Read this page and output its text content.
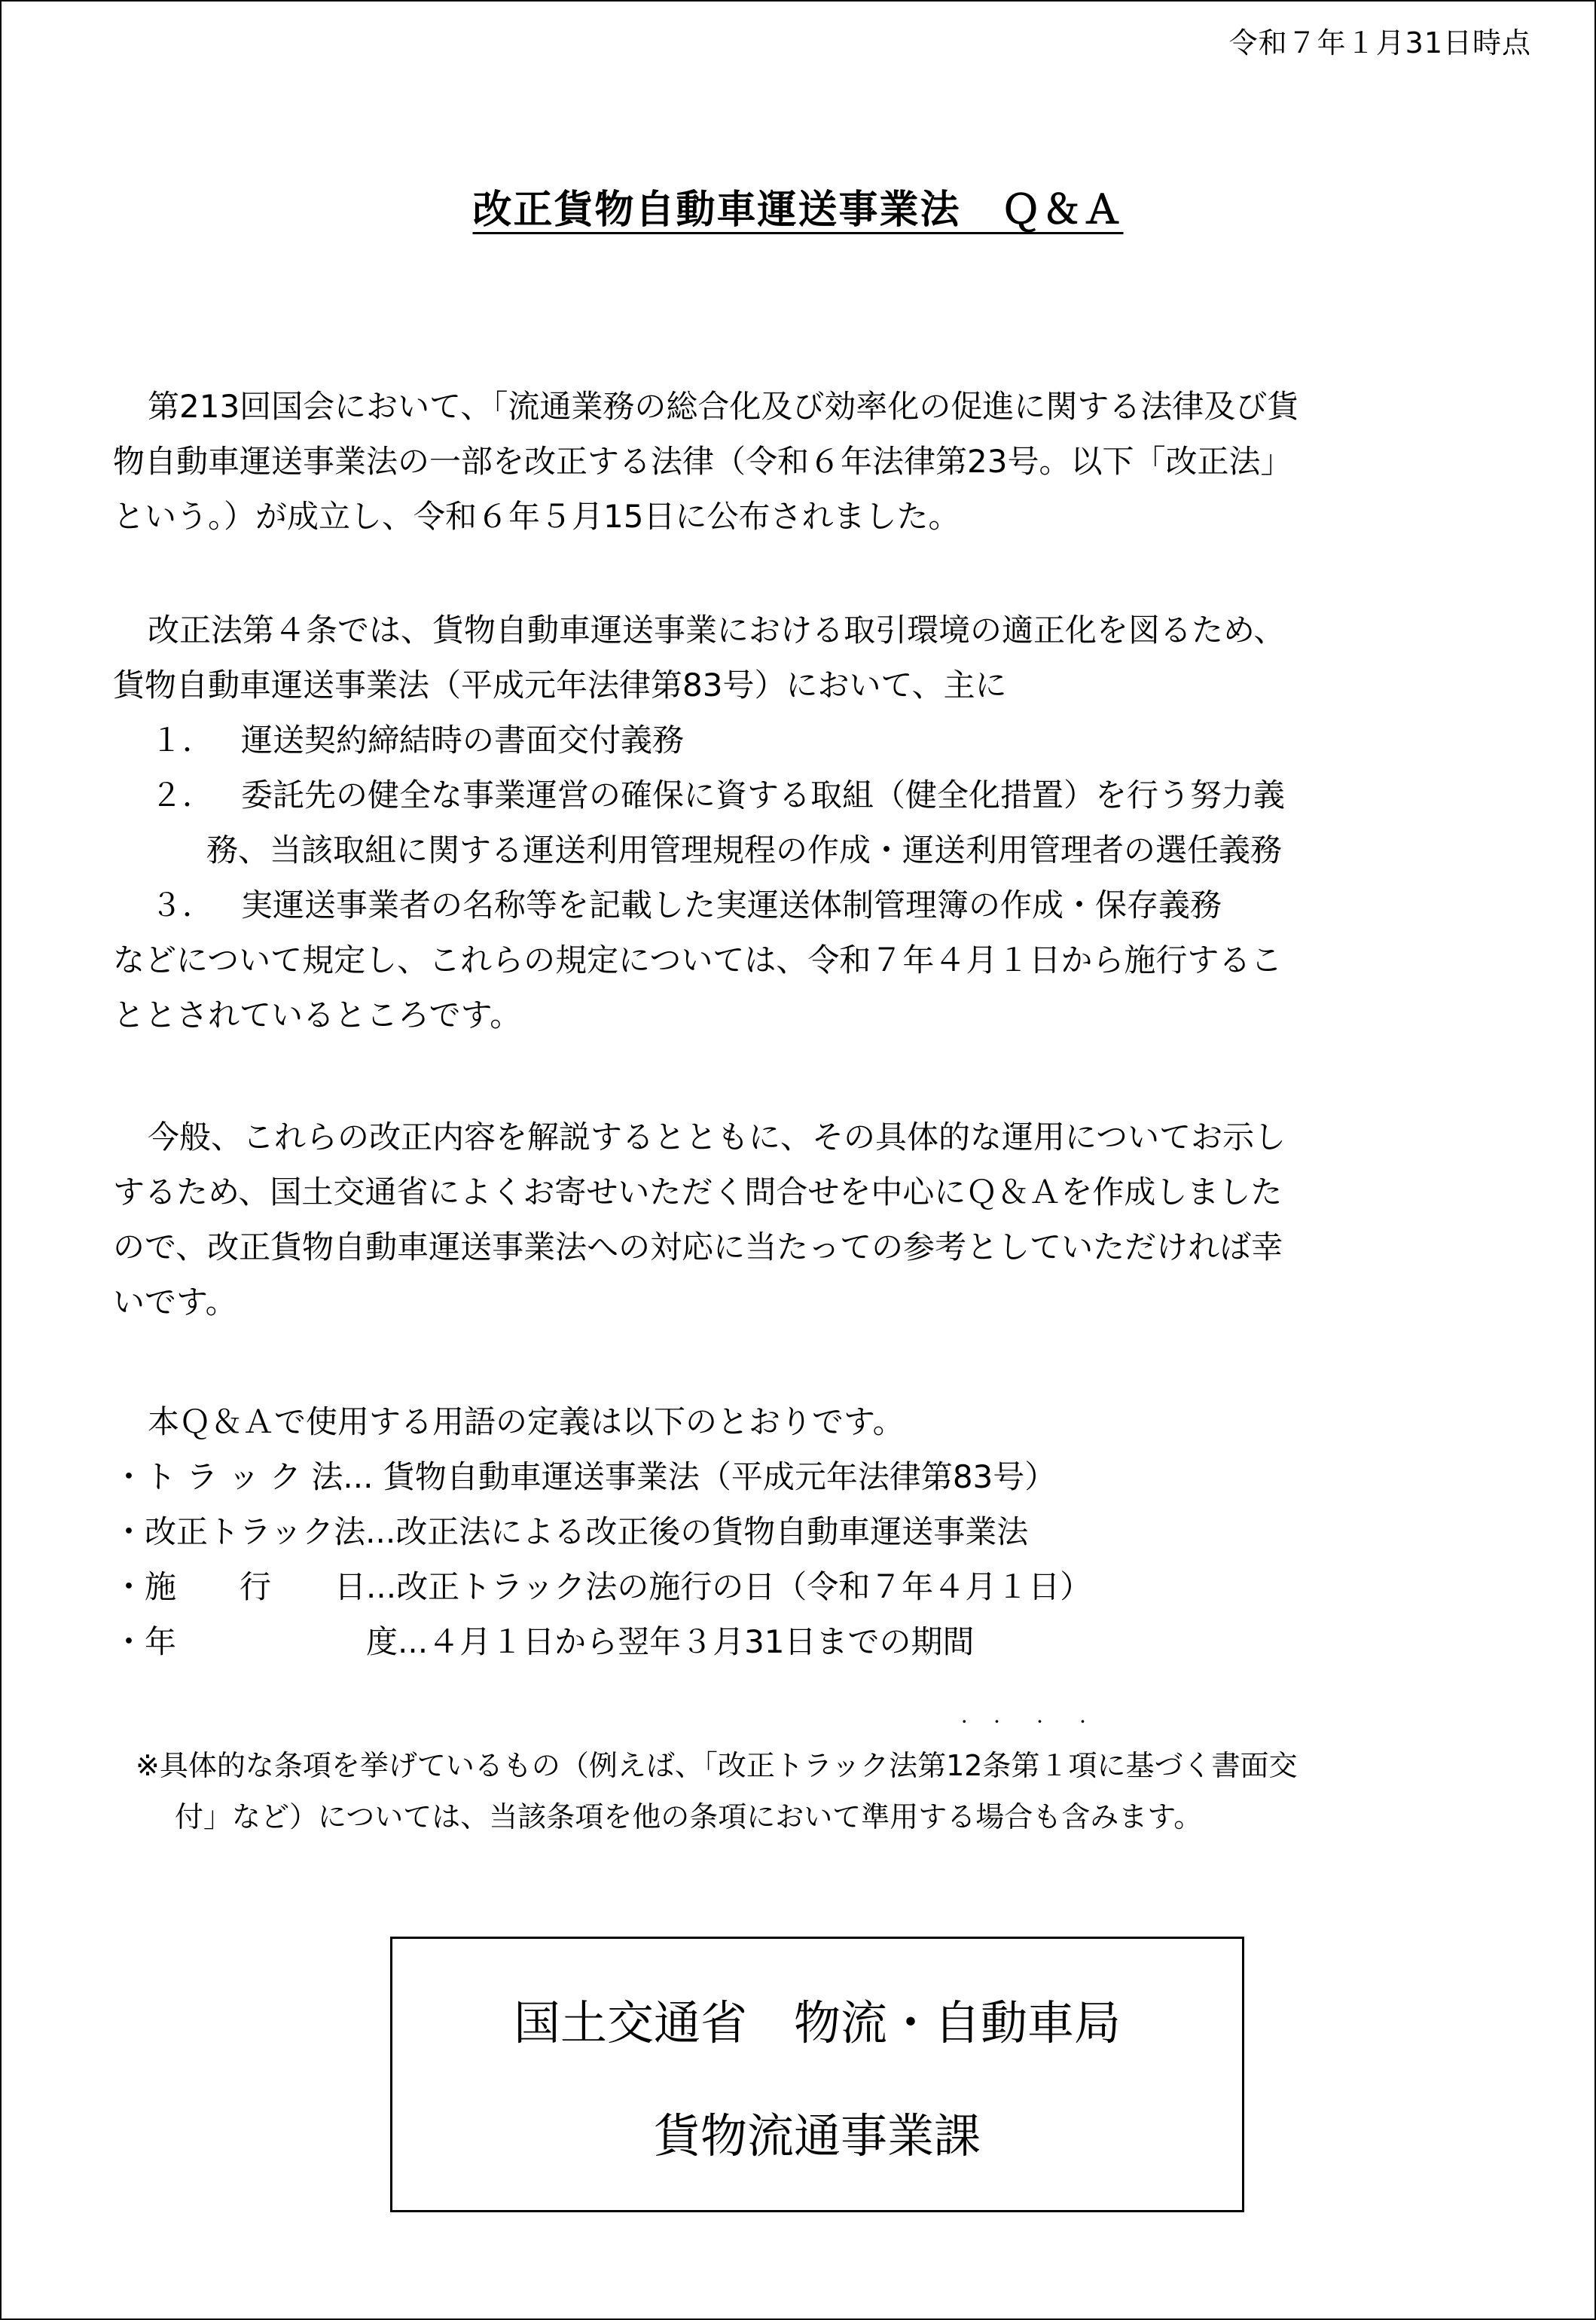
令和７年１月31日時点
改正貨物自動車運送事業法　Ｑ＆Ａ
第213回国会において、「流通業務の総合化及び効率化の促進に関する法律及び貨
物自動車運送事業法の一部を改正する法律（令和６年法律第23号。以下「改正法」
という。）が成立し、令和６年５月15日に公布されました。
改正法第４条では、貨物自動車運送事業における取引環境の適正化を図るため、
貨物自動車運送事業法（平成元年法律第83号）において、主に
１． 運送契約締結時の書面交付義務
２． 委託先の健全な事業運営の確保に資する取組（健全化措置）を行う努力義
務、当該取組に関する運送利用管理規程の作成・運送利用管理者の選任義務
３． 実運送事業者の名称等を記載した実運送体制管理簿の作成・保存義務
などについて規定し、これらの規定については、令和７年４月１日から施行するこ
ととされているところです。
今般、これらの改正内容を解説するとともに、その具体的な運用についてお示し
するため、国土交通省によくお寄せいただく問合せを中心にＱ＆Ａを作成しました
ので、改正貨物自動車運送事業法への対応に当たっての参考としていただければ幸
いです。
本Ｑ＆Ａで使用する用語の定義は以下のとおりです。
・ト ラ ッ ク 法... 貨物自動車運送事業法（平成元年法律第83号）
・改正トラック法...改正法による改正後の貨物自動車運送事業法
・施　　行　　日...改正トラック法の施行の日（令和７年４月１日）
・年　　　　　　度...４月１日から翌年３月31日までの期間
※具体的な条項を挙げているもの（例えば、「改正トラック法第・ 12・ 条・ 第１・ 項に基づく書面交
付」など）については、当該条項を他の条項において準用する場合も含みます。
国土交通省　物流・自動車局
貨物流通事業課
